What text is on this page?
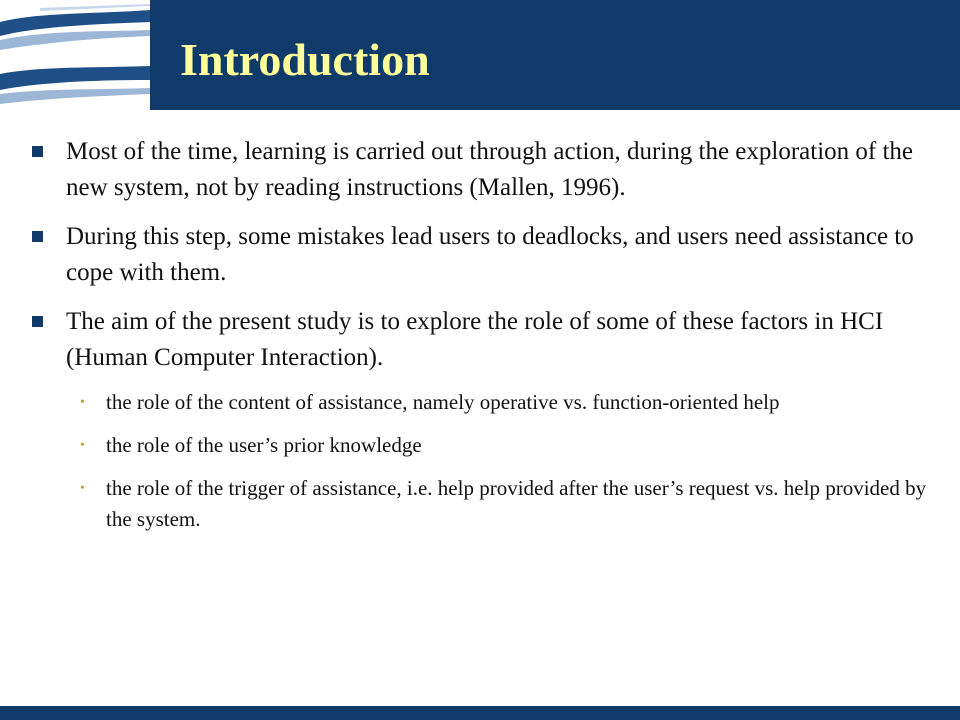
Introduction

Most of the time, learning is carried out through action, during the exploration of the new system, not by reading instructions (Mallen, 1996).

During this step, some mistakes lead users to deadlocks, and users need assistance to cope with them.

The aim of the present study is to explore the role of some of these factors in HCI (Human Computer Interaction).

• the role of the content of assistance, namely operative vs. function-oriented help

• the role of the user’s prior knowledge

• the role of the trigger of assistance, i.e. help provided after the user’s request vs. help provided by the system.
